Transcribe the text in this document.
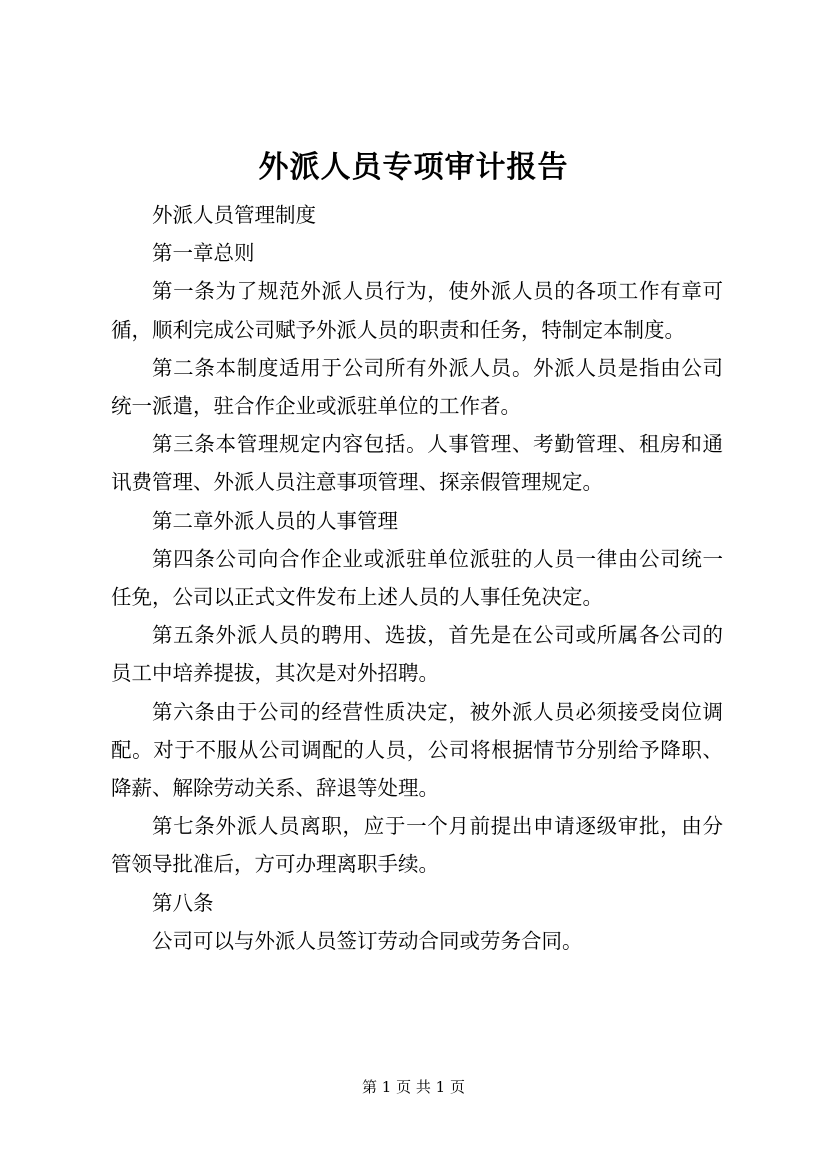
外派人员专项审计报告

外派人员管理制度

第一章总则

第一条为了规范外派人员行为，使外派人员的各项工作有章可循，顺利完成公司赋予外派人员的职责和任务，特制定本制度。

第二条本制度适用于公司所有外派人员。外派人员是指由公司统一派遣，驻合作企业或派驻单位的工作者。

第三条本管理规定内容包括。人事管理、考勤管理、租房和通讯费管理、外派人员注意事项管理、探亲假管理规定。

第二章外派人员的人事管理

第四条公司向合作企业或派驻单位派驻的人员一律由公司统一任免，公司以正式文件发布上述人员的人事任免决定。

第五条外派人员的聘用、选拔，首先是在公司或所属各公司的员工中培养提拔，其次是对外招聘。

第六条由于公司的经营性质决定，被外派人员必须接受岗位调配。对于不服从公司调配的人员，公司将根据情节分别给予降职、降薪、解除劳动关系、辞退等处理。

第七条外派人员离职，应于一个月前提出申请逐级审批，由分管领导批准后，方可办理离职手续。

第八条

公司可以与外派人员签订劳动合同或劳务合同。

第 1 页 共 1 页
